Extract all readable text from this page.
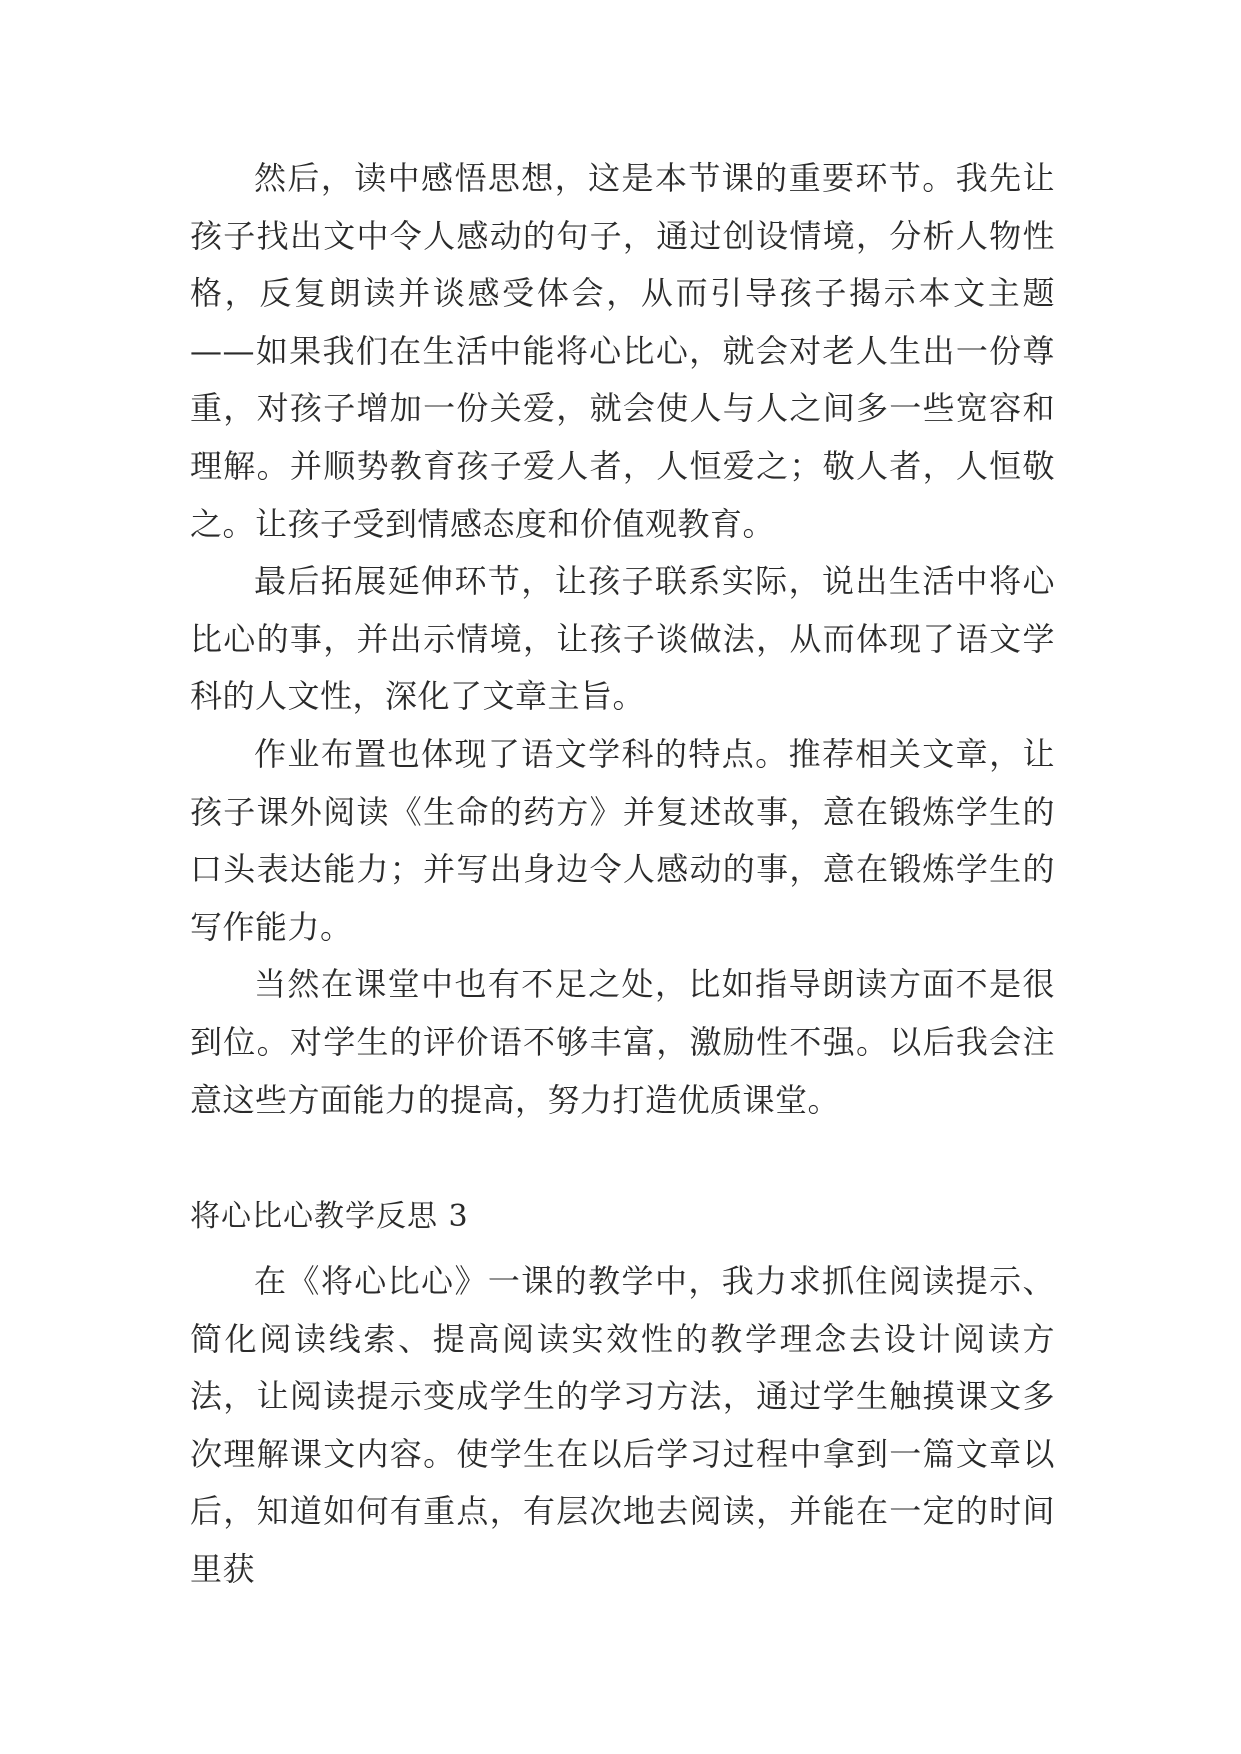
然后，读中感悟思想，这是本节课的重要环节。我先让孩子找出文中令人感动的句子，通过创设情境，分析人物性格，反复朗读并谈感受体会，从而引导孩子揭示本文主题——如果我们在生活中能将心比心，就会对老人生出一份尊重，对孩子增加一份关爱，就会使人与人之间多一些宽容和理解。并顺势教育孩子爱人者，人恒爱之；敬人者，人恒敬之。让孩子受到情感态度和价值观教育。

最后拓展延伸环节，让孩子联系实际，说出生活中将心比心的事，并出示情境，让孩子谈做法，从而体现了语文学科的人文性，深化了文章主旨。

作业布置也体现了语文学科的特点。推荐相关文章，让孩子课外阅读《生命的药方》并复述故事，意在锻炼学生的口头表达能力；并写出身边令人感动的事，意在锻炼学生的写作能力。

当然在课堂中也有不足之处，比如指导朗读方面不是很到位。对学生的评价语不够丰富，激励性不强。以后我会注意这些方面能力的提高，努力打造优质课堂。

将心比心教学反思 3

在《将心比心》一课的教学中，我力求抓住阅读提示、简化阅读线索、提高阅读实效性的教学理念去设计阅读方法，让阅读提示变成学生的学习方法，通过学生触摸课文多次理解课文内容。使学生在以后学习过程中拿到一篇文章以后，知道如何有重点，有层次地去阅读，并能在一定的时间里获
